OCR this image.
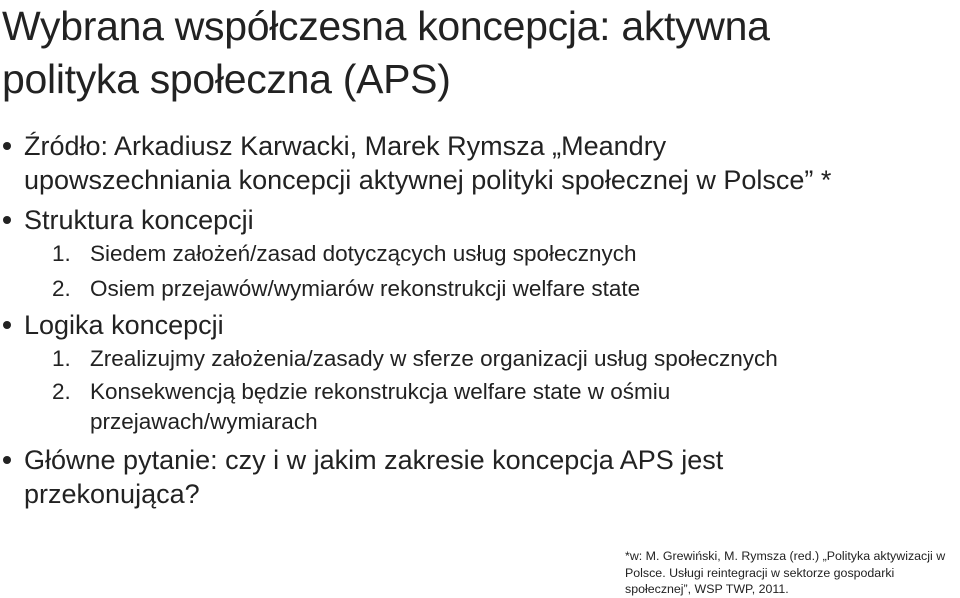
Wybrana współczesna koncepcja: aktywna
polityka społeczna (APS)
Źródło: Arkadiusz Karwacki, Marek Rymsza „Meandry
upowszechniania koncepcji aktywnej polityki społecznej w Polsce” *
Struktura koncepcji
1. Siedem założeń/zasad dotyczących usług społecznych
2. Osiem przejawów/wymiarów rekonstrukcji welfare state
Logika koncepcji
1. Zrealizujmy założenia/zasady w sferze organizacji usług społecznych
2. Konsekwencją będzie rekonstrukcja welfare state w ośmiu
przejawach/wymiarach
Główne pytanie: czy i w jakim zakresie koncepcja APS jest
przekonująca?
*w: M. Grewiński, M. Rymsza (red.) „Polityka aktywizacji w
Polsce. Usługi reintegracji w sektorze gospodarki
społecznej”, WSP TWP, 2011.
